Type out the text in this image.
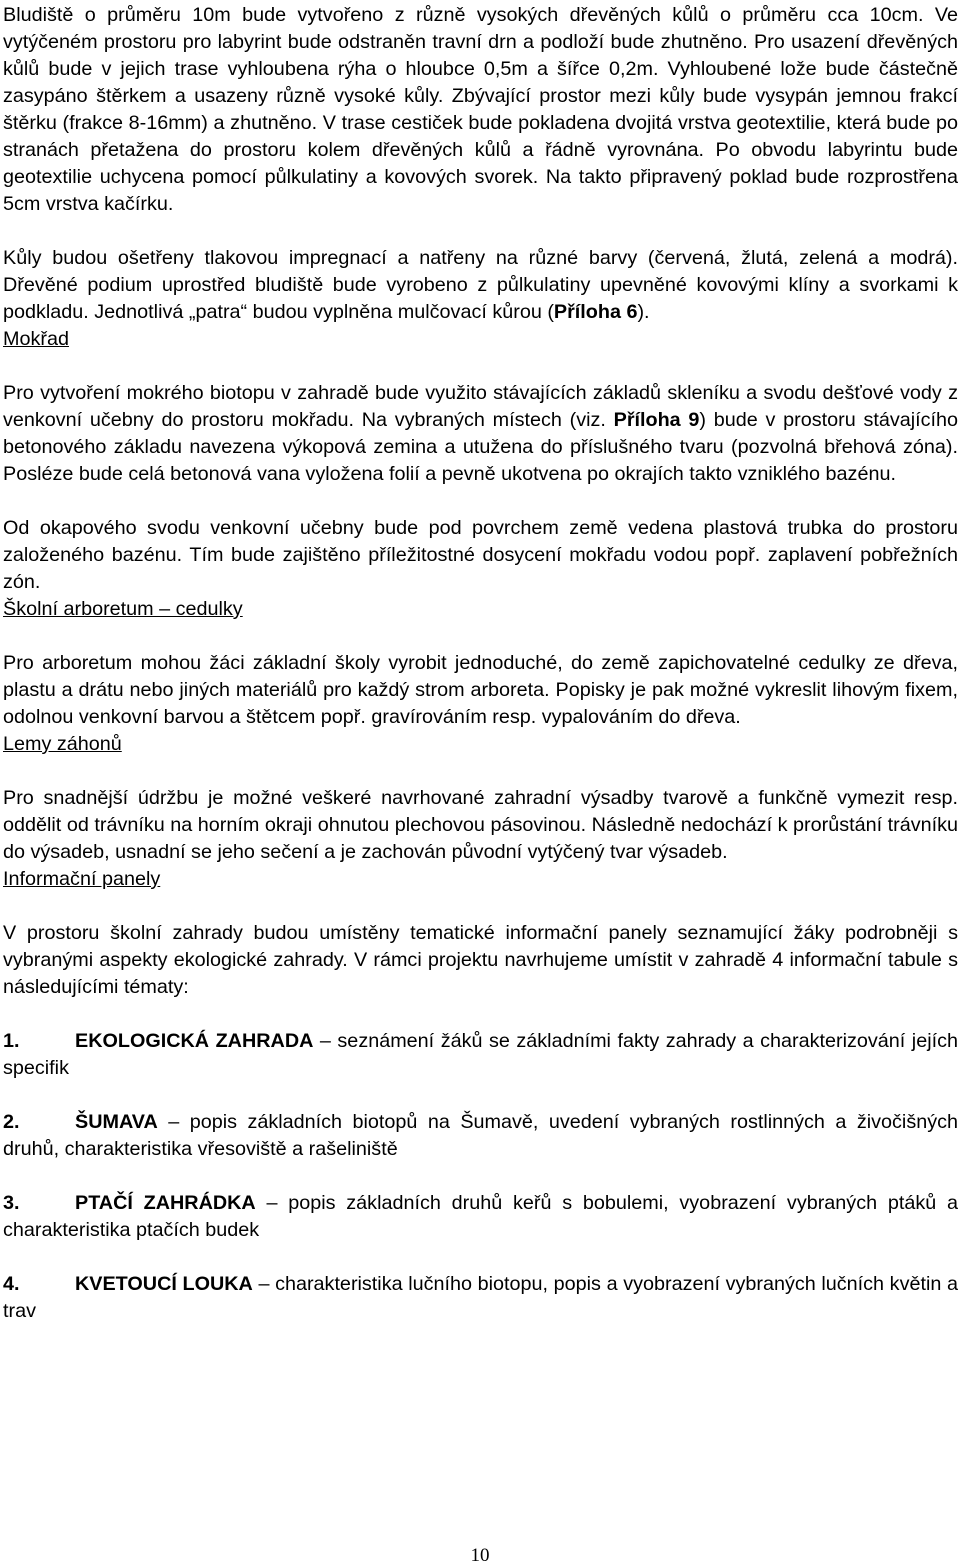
Bludiště o průměru 10m bude vytvořeno z různě vysokých dřevěných kůlů o průměru cca 10cm. Ve vytýčeném prostoru pro labyrint bude odstraněn travní drn a podloží bude zhutněno. Pro usazení dřevěných kůlů bude v jejich trase vyhloubena rýha o hloubce 0,5m a šířce 0,2m. Vyhloubené lože bude částečně zasypáno štěrkem a usazeny různě vysoké kůly. Zbývající prostor mezi kůly bude vysypán jemnou frakcí štěrku (frakce 8-16mm) a zhutněno. V trase cestiček bude pokladena dvojitá vrstva geotextilie, která bude po stranách přetažena do prostoru kolem dřevěných kůlů a řádně vyrovnána. Po obvodu labyrintu bude geotextilie uchycena pomocí půlkulatiny a kovových svorek. Na takto připravený poklad bude rozprostřena 5cm vrstva kačírku.

Kůly budou ošetřeny tlakovou impregnací a natřeny na různé barvy (červená, žlutá, zelená a modrá). Dřevěné podium uprostřed bludiště bude vyrobeno z půlkulatiny upevněné kovovými klíny a svorkami k podkladu. Jednotlivá „patra“ budou vyplněna mulčovací kůrou (Příloha 6).

Mokřad

Pro vytvoření mokrého biotopu v zahradě bude využito stávajících základů skleníku a svodu dešťové vody z venkovní učebny do prostoru mokřadu. Na vybraných místech (viz. Příloha 9) bude v prostoru stávajícího betonového základu navezena výkopová zemina a utužena do příslušného tvaru (pozvolná břehová zóna). Posléze bude celá betonová vana vyložena folií a pevně ukotvena po okrajích takto vzniklého bazénu.

Od okapového svodu venkovní učebny bude pod povrchem země vedena plastová trubka do prostoru založeného bazénu. Tím bude zajištěno příležitostné dosycení mokřadu vodou popř. zaplavení pobřežních zón.

Školní arboretum – cedulky

Pro arboretum mohou žáci základní školy vyrobit jednoduché, do země zapichovatelné cedulky ze dřeva, plastu a drátu nebo jiných materiálů pro každý strom arboreta. Popisky je pak možné vykreslit lihovým fixem, odolnou venkovní barvou a štětcem popř. gravírováním resp. vypalováním do dřeva.

Lemy záhonů

Pro snadnější údržbu je možné veškeré navrhované zahradní výsadby tvarově a funkčně vymezit resp. oddělit od trávníku na horním okraji ohnutou plechovou pásovinou. Následně nedochází k prorůstání trávníku do výsadeb, usnadní se jeho sečení a je zachován původní vytýčený tvar výsadeb.

Informační panely

V prostoru školní zahrady budou umístěny tematické informační panely seznamující žáky podrobněji s vybranými aspekty ekologické zahrady. V rámci projektu navrhujeme umístit v zahradě 4 informační tabule s následujícími tématy:

1.	EKOLOGICKÁ ZAHRADA – seznámení žáků se základními fakty zahrady a charakterizování jejích specifik

2.	ŠUMAVA – popis základních biotopů na Šumavě, uvedení vybraných rostlinných a živočišných druhů, charakteristika vřesoviště a rašeliniště

3.	PTAČÍ ZAHRÁDKA – popis základních druhů keřů s bobulemi, vyobrazení vybraných ptáků a charakteristika ptačích budek

4.	KVETOUCÍ LOUKA – charakteristika lučního biotopu, popis a vyobrazení vybraných lučních květin a trav

10
